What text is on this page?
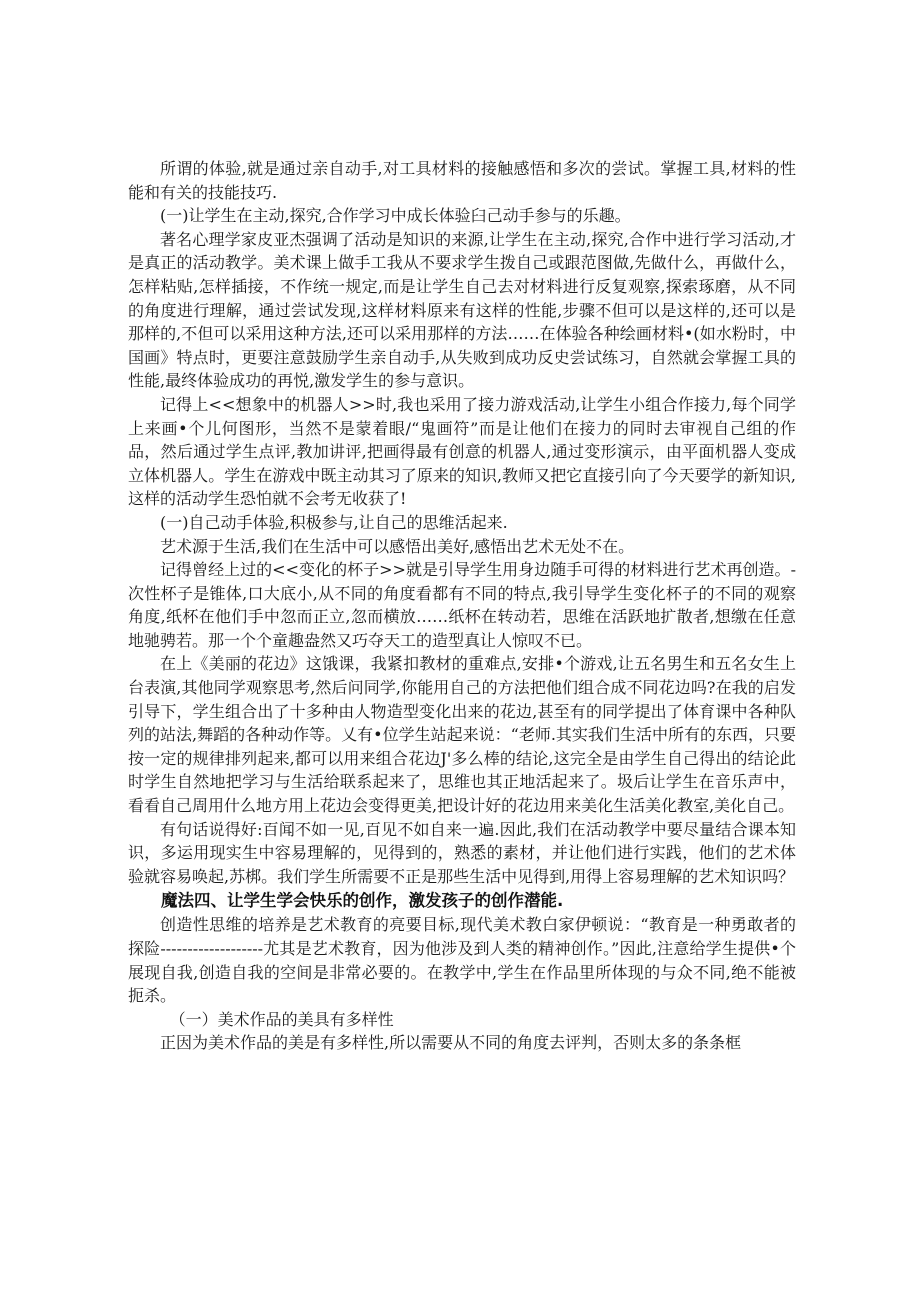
所谓的体验,就是通过亲自动手,对工具材料的接触感悟和多次的尝试。掌握工具,材料的性能和有关的技能技巧.

(一)让学生在主动,探究,合作学习中成长体验臼己动手参与的乐趣。

著名心理学家皮亚杰强调了活动是知识的来源,让学生在主动,探究,合作中进行学习活动,才是真正的活动教学。美术课上做手工我从不要求学生拨自己或跟范图做,先做什么，再做什么，怎样粘贴,怎样插接，不作统一规定,而是让学生自己去对材料进行反复观察,探索琢磨，从不同的角度进行理解，通过尝试发现,这样材料原来有这样的性能,步骤不但可以是这样的,还可以是那样的,不但可以采用这种方法,还可以采用那样的方法……在体验各种绘画材料•(如水粉时，中国画》特点时，更要注意鼓励学生亲自动手,从失败到成功反史尝试练习，自然就会掌握工具的性能,最终体验成功的再悦,激发学生的参与意识。

记得上<<想象中的机器人>>时,我也采用了接力游戏活动,让学生小组合作接力,每个同学上来画•个儿何图形，当然不是蒙着眼/“鬼画符”而是让他们在接力的同时去审视自己组的作品，然后通过学生点评,教加讲评,把画得最有创意的机器人,通过变形演示，由平面机器人变成立体机器人。学生在游戏中既主动其习了原来的知识,教师又把它直接引向了今天要学的新知识,这样的活动学生恐怕就不会考无收获了!

(一)自己动手体验,积极参与,让自己的思维活起来.

艺术源于生活,我们在生活中可以感悟出美好,感悟出艺术无处不在。

记得曾经上过的<<变化的杯子>>就是引导学生用身边随手可得的材料进行艺术再创造。-次性杯子是锥体,口大底小,从不同的角度看都有不同的特点,我引导学生变化杯子的不同的观察角度,纸杯在他们手中忽而正立,忽而横放……纸杯在转动若，思维在活跃地扩散者,想缴在任意地驰骋若。那一个个童趣盎然又巧夺天工的造型真让人惊叹不已。

在上《美丽的花边》这饿课，我紧扣教材的重难点,安排•个游戏,让五名男生和五名女生上台表演,其他同学观察思考,然后问同学,你能用自己的方法把他们组合成不同花边吗?在我的启发引导下，学生组合出了十多种由人物造型变化出来的花边,甚至有的同学提出了体育课中各种队列的站法,舞蹈的各种动作等。乂有•位学生站起来说：“老师.其实我们生活中所有的东西，只要按一定的规律排列起来,都可以用来组合花边J'多么棒的结论,这完全是由学生自己得出的结论此时学生自然地把学习与生活给联系起来了，思维也其正地活起来了。圾后让学生在音乐声中，看看自己周用什么地方用上花边会变得更美,把设计好的花边用来美化生活美化教室,美化自己。

有句话说得好:百闻不如一见,百见不如自来一遍.因此,我们在活动教学中要尽量结合课本知识，多运用现实生中容易理解的，见得到的，熟悉的素材，并让他们进行实践，他们的艺术体验就容易唤起,苏梆。我们学生所需要不正是那些生活中见得到,用得上容易理解的艺术知识吗？

魔法四、让学生学会快乐的创作，激发孩子的创作潜能.

创造性思维的培养是艺术教育的亮要目标,现代美术教白家伊顿说：“教育是一种勇敢者的探险-------------------尤其是艺术教育，因为他涉及到人类的精神创作。”因此,注意给学生提供•个展现自我,创造自我的空间是非常必要的。在教学中,学生在作品里所体现的与众不同,绝不能被扼杀。

（一）美术作品的美具有多样性

正因为美术作品的美是有多样性,所以需要从不同的角度去评判，否则太多的条条框
